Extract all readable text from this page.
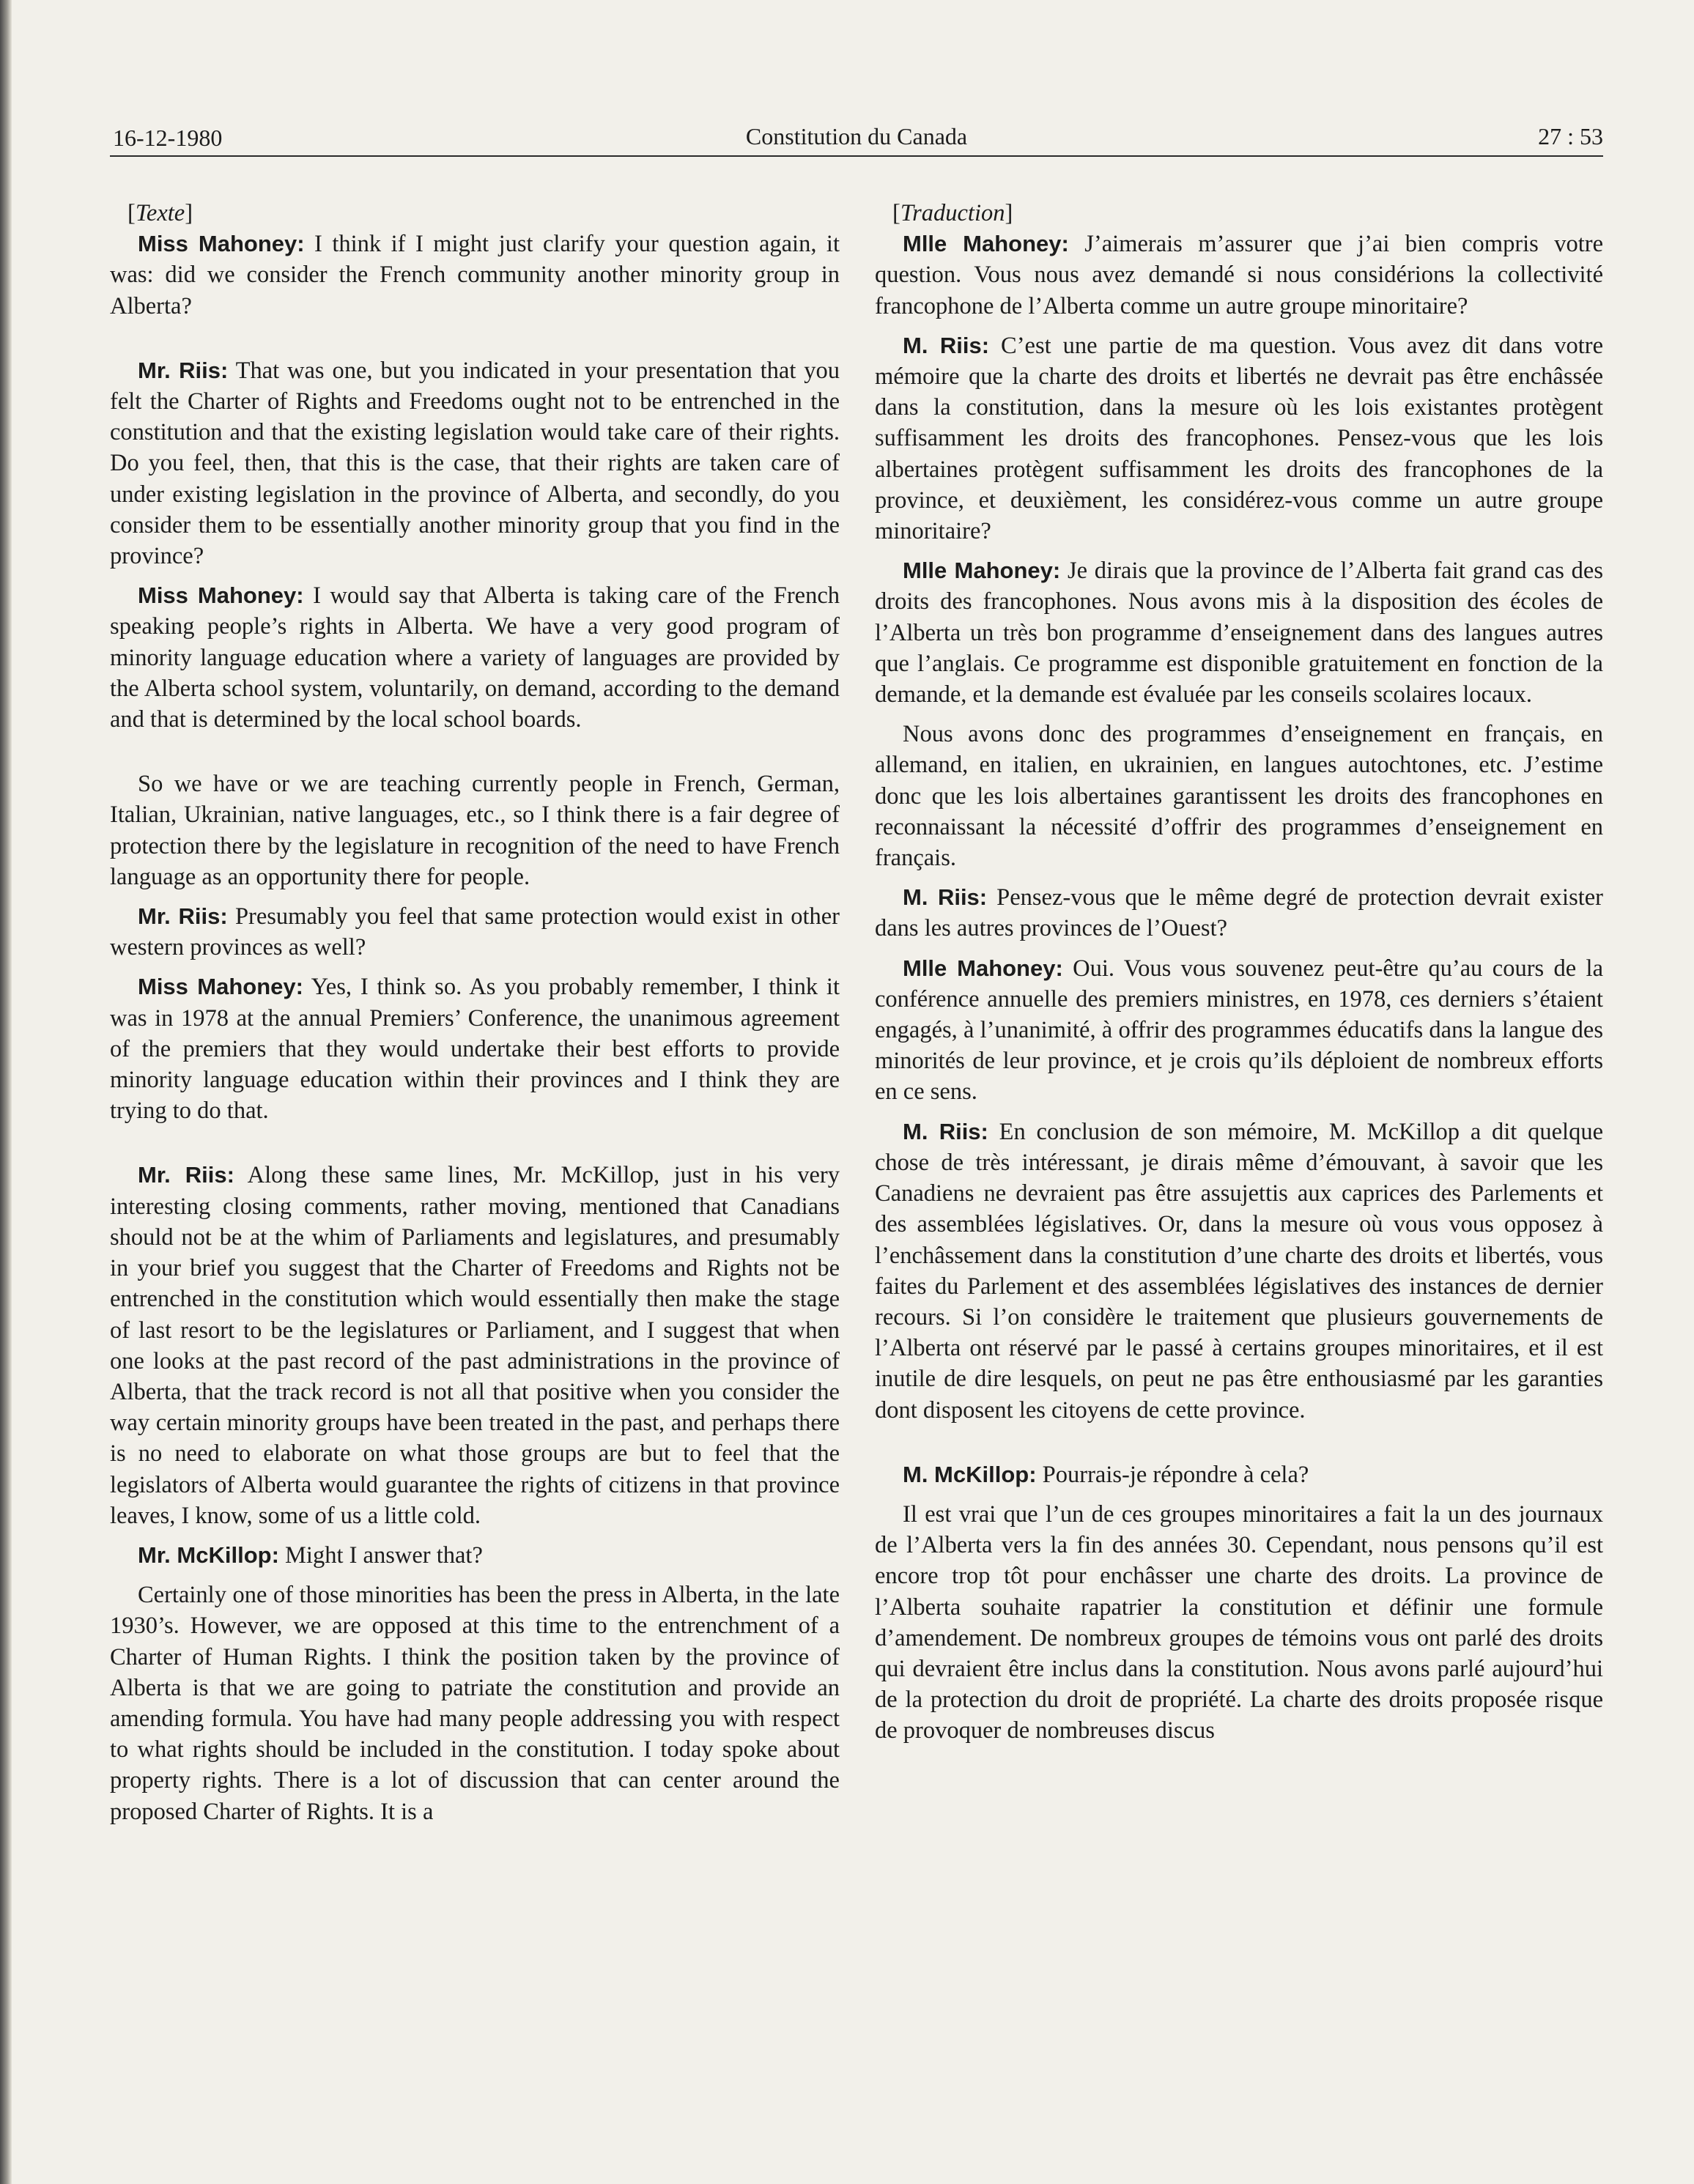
16-12-1980	Constitution du Canada	27 : 53

[Texte]

Miss Mahoney: I think if I might just clarify your question again, it was: did we consider the French community another minority group in Alberta?

Mr. Riis: That was one, but you indicated in your presentation that you felt the Charter of Rights and Freedoms ought not to be entrenched in the constitution and that the existing legislation would take care of their rights. Do you feel, then, that this is the case, that their rights are taken care of under existing legislation in the province of Alberta, and secondly, do you consider them to be essentially another minority group that you find in the province?

Miss Mahoney: I would say that Alberta is taking care of the French speaking people’s rights in Alberta. We have a very good program of minority language education where a variety of languages are provided by the Alberta school system, voluntarily, on demand, according to the demand and that is determined by the local school boards.

So we have or we are teaching currently people in French, German, Italian, Ukrainian, native languages, etc., so I think there is a fair degree of protection there by the legislature in recognition of the need to have French language as an opportunity there for people.

Mr. Riis: Presumably you feel that same protection would exist in other western provinces as well?

Miss Mahoney: Yes, I think so. As you probably remember, I think it was in 1978 at the annual Premiers’ Conference, the unanimous agreement of the premiers that they would undertake their best efforts to provide minority language education within their provinces and I think they are trying to do that.

Mr. Riis: Along these same lines, Mr. McKillop, just in his very interesting closing comments, rather moving, mentioned that Canadians should not be at the whim of Parliaments and legislatures, and presumably in your brief you suggest that the Charter of Freedoms and Rights not be entrenched in the constitution which would essentially then make the stage of last resort to be the legislatures or Parliament, and I suggest that when one looks at the past record of the past administrations in the province of Alberta, that the track record is not all that positive when you consider the way certain minority groups have been treated in the past, and perhaps there is no need to elaborate on what those groups are but to feel that the legislators of Alberta would guarantee the rights of citizens in that province leaves, I know, some of us a little cold.

Mr. McKillop: Might I answer that?

Certainly one of those minorities has been the press in Alberta, in the late 1930’s. However, we are opposed at this time to the entrenchment of a Charter of Human Rights. I think the position taken by the province of Alberta is that we are going to patriate the constitution and provide an amending formula. You have had many people addressing you with respect to what rights should be included in the constitution. I today spoke about property rights. There is a lot of discussion that can center around the proposed Charter of Rights. It is a

[Traduction]

Mlle Mahoney: J’aimerais m’assurer que j’ai bien compris votre question. Vous nous avez demandé si nous considérions la collectivité francophone de l’Alberta comme un autre groupe minoritaire?

M. Riis: C’est une partie de ma question. Vous avez dit dans votre mémoire que la charte des droits et libertés ne devrait pas être enchâssée dans la constitution, dans la mesure où les lois existantes protègent suffisamment les droits des francophones. Pensez-vous que les lois albertaines protègent suffisamment les droits des francophones de la province, et deuxièment, les considérez-vous comme un autre groupe minoritaire?

Mlle Mahoney: Je dirais que la province de l’Alberta fait grand cas des droits des francophones. Nous avons mis à la disposition des écoles de l’Alberta un très bon programme d’enseignement dans des langues autres que l’anglais. Ce programme est disponible gratuitement en fonction de la demande, et la demande est évaluée par les conseils scolaires locaux.

Nous avons donc des programmes d’enseignement en français, en allemand, en italien, en ukrainien, en langues autochtones, etc. J’estime donc que les lois albertaines garantissent les droits des francophones en reconnaissant la nécessité d’offrir des programmes d’enseignement en français.

M. Riis: Pensez-vous que le même degré de protection devrait exister dans les autres provinces de l’Ouest?

Mlle Mahoney: Oui. Vous vous souvenez peut-être qu’au cours de la conférence annuelle des premiers ministres, en 1978, ces derniers s’étaient engagés, à l’unanimité, à offrir des programmes éducatifs dans la langue des minorités de leur province, et je crois qu’ils déploient de nombreux efforts en ce sens.

M. Riis: En conclusion de son mémoire, M. McKillop a dit quelque chose de très intéressant, je dirais même d’émouvant, à savoir que les Canadiens ne devraient pas être assujettis aux caprices des Parlements et des assemblées législatives. Or, dans la mesure où vous vous opposez à l’enchâssement dans la constitution d’une charte des droits et libertés, vous faites du Parlement et des assemblées législatives des instances de dernier recours. Si l’on considère le traitement que plusieurs gouvernements de l’Alberta ont réservé par le passé à certains groupes minoritaires, et il est inutile de dire lesquels, on peut ne pas être enthousiasmé par les garanties dont disposent les citoyens de cette province.

M. McKillop: Pourrais-je répondre à cela?

Il est vrai que l’un de ces groupes minoritaires a fait la un des journaux de l’Alberta vers la fin des années 30. Cependant, nous pensons qu’il est encore trop tôt pour enchâsser une charte des droits. La province de l’Alberta souhaite rapatrier la constitution et définir une formule d’amendement. De nombreux groupes de témoins vous ont parlé des droits qui devraient être inclus dans la constitution. Nous avons parlé aujourd’hui de la protection du droit de propriété. La charte des droits proposée risque de provoquer de nombreuses discus
